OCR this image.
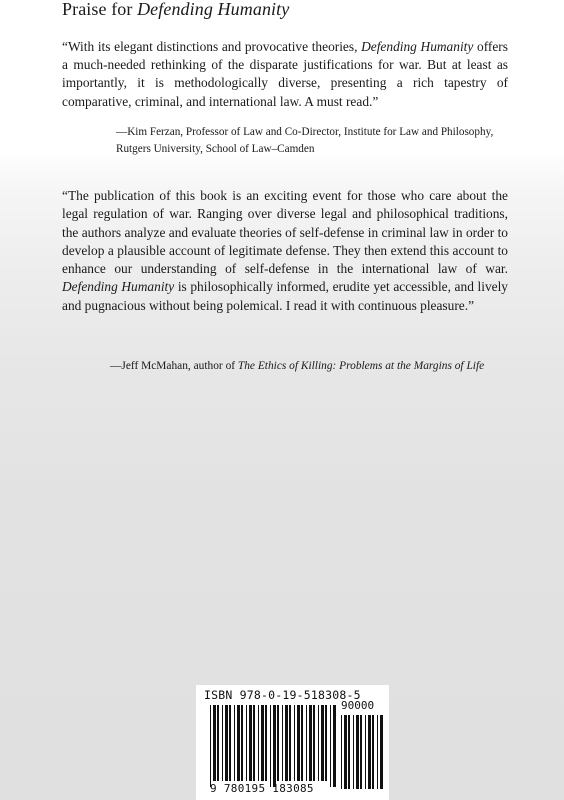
Praise for Defending Humanity

“With its elegant distinctions and provocative theories, Defending Humanity offers a much-needed rethinking of the disparate justifications for war. But at least as importantly, it is methodologically diverse, presenting a rich tapestry of comparative, criminal, and international law. A must read.”

—Kim Ferzan, Professor of Law and Co-Director, Institute for Law and Philosophy,
Rutgers University, School of Law–Camden

“The publication of this book is an exciting event for those who care about the legal regulation of war. Ranging over diverse legal and philosophical traditions, the authors analyze and evaluate theories of self-defense in criminal law in order to develop a plausible account of legitimate defense. They then extend this account to enhance our understanding of self-defense in the international law of war. Defending Humanity is philosophically informed, erudite yet accessible, and lively and pugnacious without being polemical. I read it with continuous pleasure.”

—Jeff McMahan, author of The Ethics of Killing: Problems at the Margins of Life
ISBN 978-0-19-518308-5
90000
9 780195 183085
